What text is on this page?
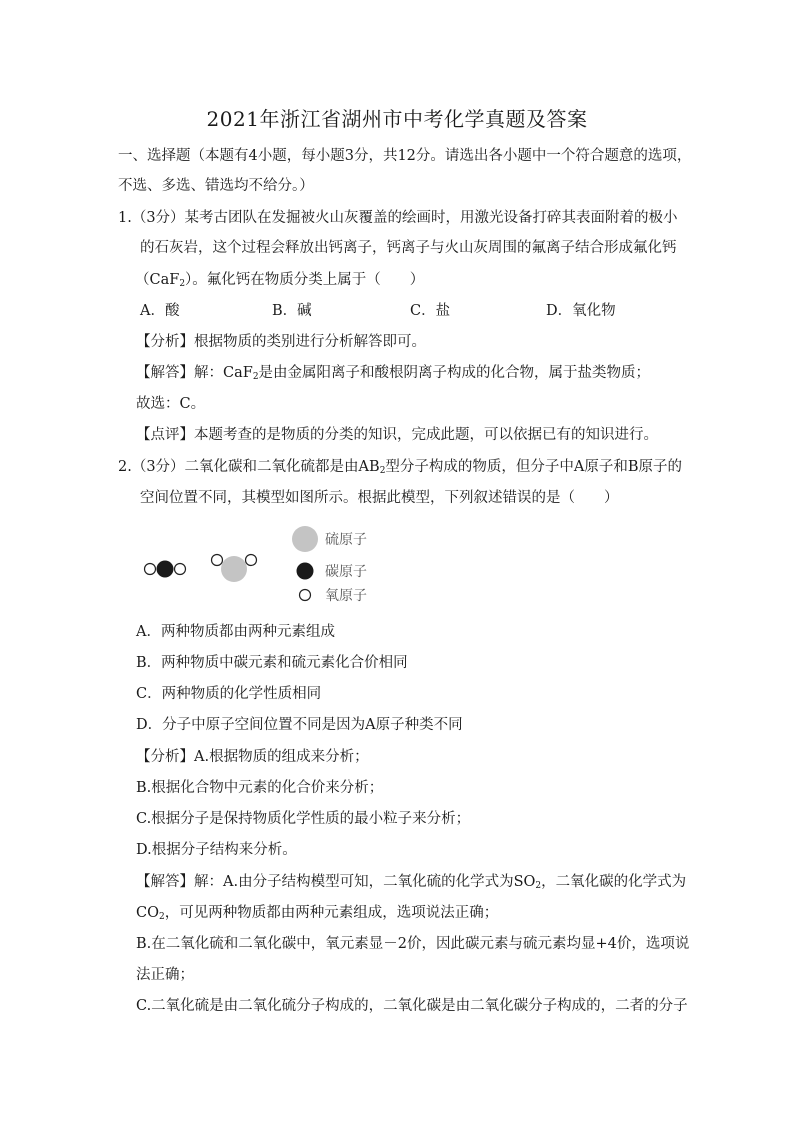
2021年浙江省湖州市中考化学真题及答案
一、选择题（本题有4小题，每小题3分，共12分。请选出各小题中一个符合题意的选项，
不选、多选、错选均不给分。）
1.（3分）某考古团队在发掘被火山灰覆盖的绘画时，用激光设备打碎其表面附着的极小
的石灰岩，这个过程会释放出钙离子，钙离子与火山灰周围的氟离子结合形成氟化钙
（CaF$_2$）。氟化钙在物质分类上属于（　　）
A．酸	B．碱	C．盐	D．氧化物
【分析】根据物质的类别进行分析解答即可。
【解答】解：CaF$_2$是由金属阳离子和酸根阴离子构成的化合物，属于盐类物质；
故选：C。
【点评】本题考查的是物质的分类的知识，完成此题，可以依据已有的知识进行。
2.（3分）二氧化碳和二氧化硫都是由$AB_2$型分子构成的物质，但分子中A原子和B原子的
空间位置不同，其模型如图所示。根据此模型，下列叙述错误的是（　　）
硫原子
碳原子
氧原子
A．两种物质都由两种元素组成
B．两种物质中碳元素和硫元素化合价相同
C．两种物质的化学性质相同
D．分子中原子空间位置不同是因为A原子种类不同
【分析】A.根据物质的组成来分析；
B.根据化合物中元素的化合价来分析；
C.根据分子是保持物质化学性质的最小粒子来分析；
D.根据分子结构来分析。
【解答】解：A.由分子结构模型可知，二氧化硫的化学式为$SO_2$，二氧化碳的化学式为
$CO_2$，可见两种物质都由两种元素组成，选项说法正确；
B.在二氧化硫和二氧化碳中，氧元素显－2价，因此碳元素与硫元素均显+4价，选项说
法正确；
C.二氧化硫是由二氧化硫分子构成的，二氧化碳是由二氧化碳分子构成的，二者的分子
